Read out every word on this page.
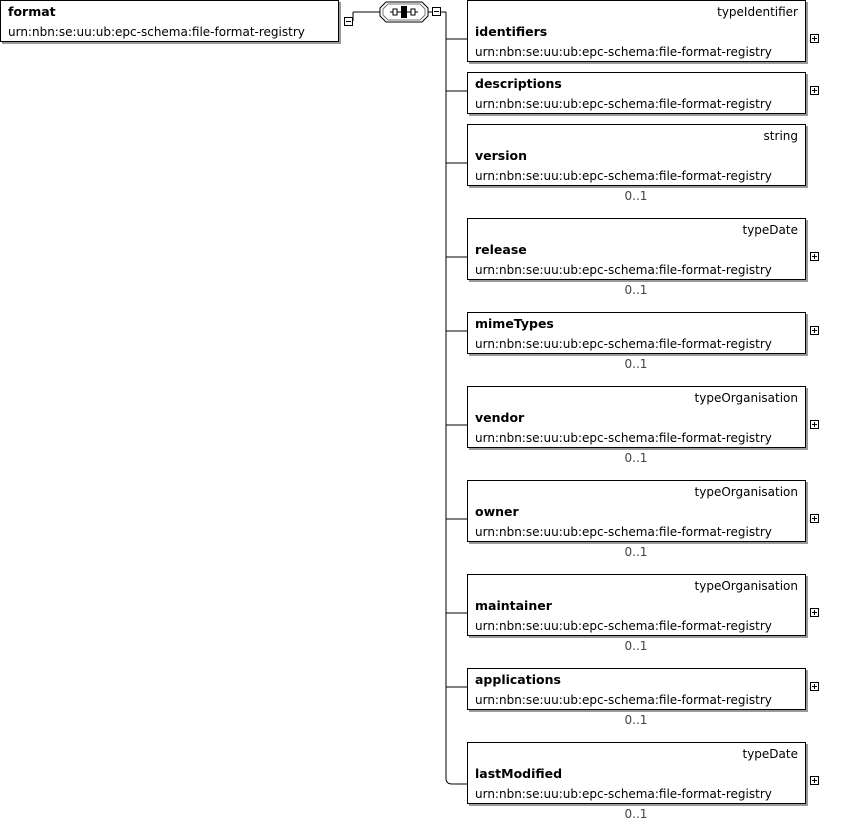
format
urn:nbn:se:uu:ub:epc-schema:file-format-registry
typeIdentifier
identifiers
urn:nbn:se:uu:ub:epc-schema:file-format-registry
descriptions
urn:nbn:se:uu:ub:epc-schema:file-format-registry
string
version
urn:nbn:se:uu:ub:epc-schema:file-format-registry
0..1
typeDate
release
urn:nbn:se:uu:ub:epc-schema:file-format-registry
0..1
mimeTypes
urn:nbn:se:uu:ub:epc-schema:file-format-registry
0..1
typeOrganisation
vendor
urn:nbn:se:uu:ub:epc-schema:file-format-registry
0..1
typeOrganisation
owner
urn:nbn:se:uu:ub:epc-schema:file-format-registry
0..1
typeOrganisation
maintainer
urn:nbn:se:uu:ub:epc-schema:file-format-registry
0..1
applications
urn:nbn:se:uu:ub:epc-schema:file-format-registry
0..1
typeDate
lastModified
urn:nbn:se:uu:ub:epc-schema:file-format-registry
0..1
